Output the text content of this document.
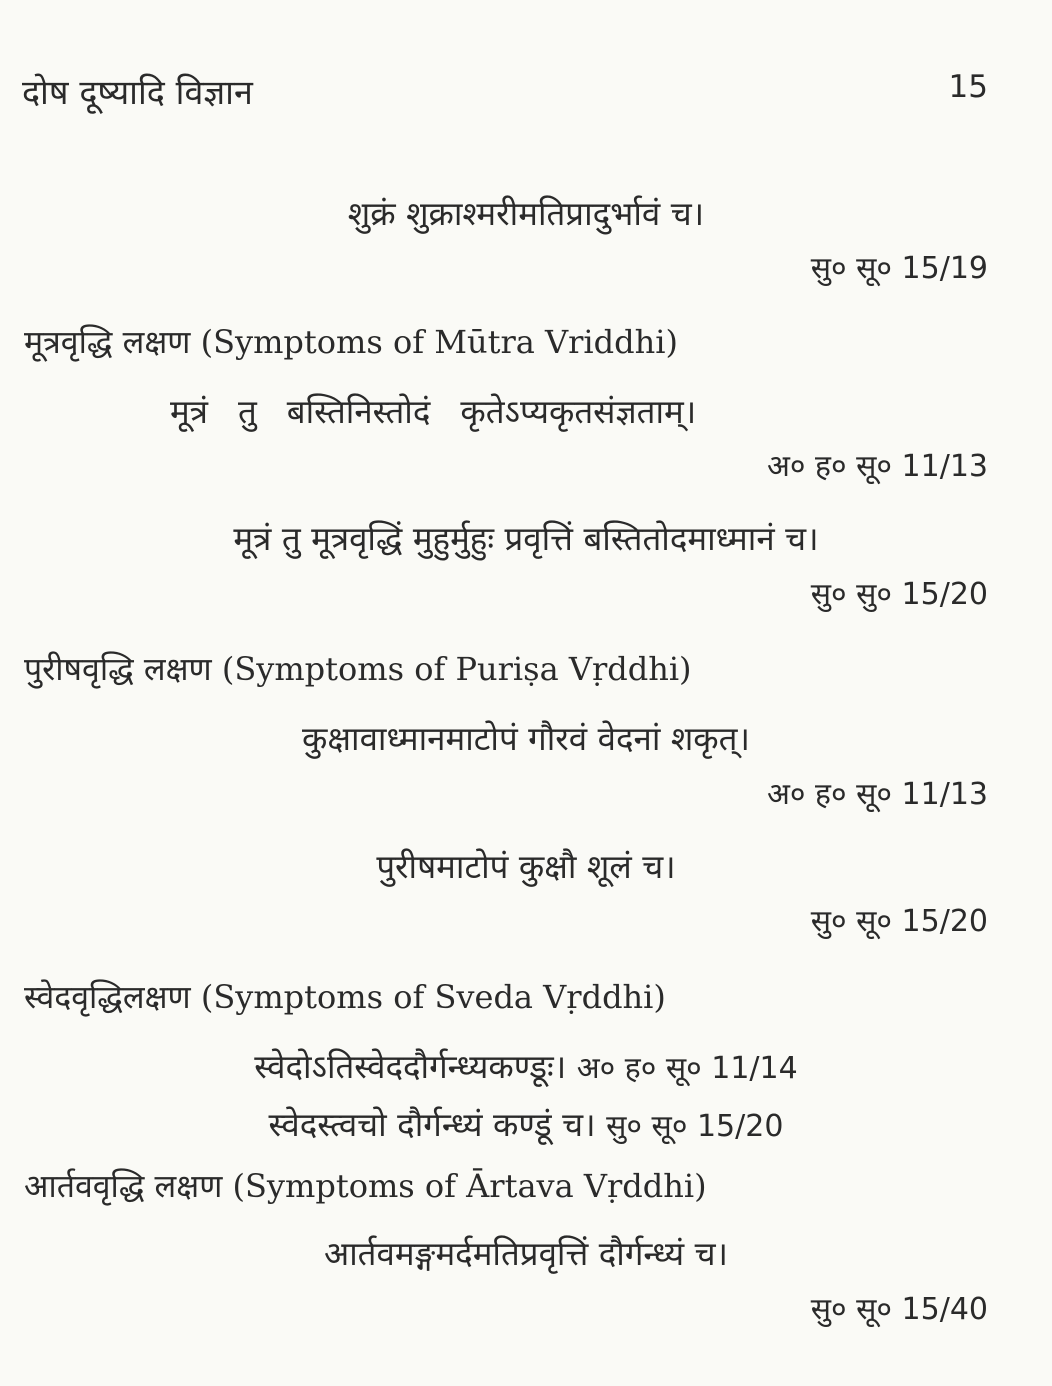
दोष दूष्यादि विज्ञान	15
शुक्रं शुक्राश्मरीमतिप्रादुर्भावं च।
सु० सू० 15/19
मूत्रवृद्धि लक्षण (Symptoms of Mūtra Vriddhi)
मूत्रं तु बस्तिनिस्तोदं कृतेऽप्यकृतसंज्ञताम्।
अ० ह० सू० 11/13
मूत्रं तु मूत्रवृद्धिं मुहुर्मुहुः प्रवृत्तिं बस्तितोदमाध्मानं च।
सु० सु० 15/20
पुरीषवृद्धि लक्षण (Symptoms of Puriṣa Vṛddhi)
कुक्षावाध्मानमाटोपं गौरवं वेदनां शकृत्।
अ० ह० सू० 11/13
पुरीषमाटोपं कुक्षौ शूलं च।
सु० सू० 15/20
स्वेदवृद्धिलक्षण (Symptoms of Sveda Vṛddhi)
स्वेदोऽतिस्वेददौर्गन्ध्यकण्डूः। अ० ह० सू० 11/14
स्वेदस्त्वचो दौर्गन्ध्यं कण्डूं च। सु० सू० 15/20
आर्तववृद्धि लक्षण (Symptoms of Ārtava Vṛddhi)
आर्तवमङ्गमर्दमतिप्रवृत्तिं दौर्गन्ध्यं च।
सु० सू० 15/40
